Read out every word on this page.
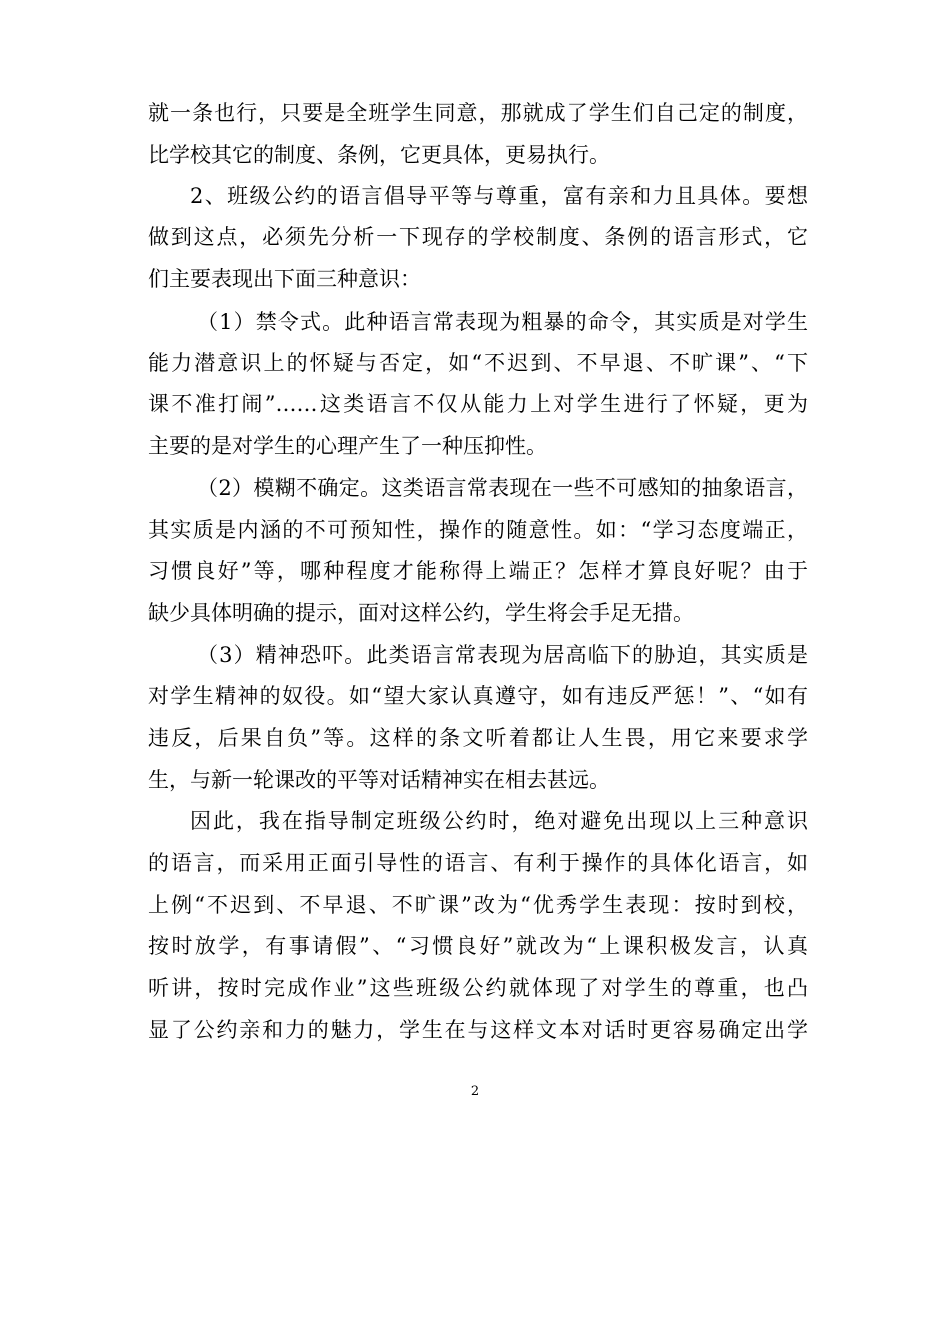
就一条也行，只要是全班学生同意，那就成了学生们自己定的制度，
比学校其它的制度、条例，它更具体，更易执行。
2、班级公约的语言倡导平等与尊重，富有亲和力且具体。要想
做到这点，必须先分析一下现存的学校制度、条例的语言形式，它
们主要表现出下面三种意识：
（1）禁令式。此种语言常表现为粗暴的命令，其实质是对学生
能力潜意识上的怀疑与否定，如“不迟到、不早退、不旷课”、“下
课不准打闹”……这类语言不仅从能力上对学生进行了怀疑，更为
主要的是对学生的心理产生了一种压抑性。
（2）模糊不确定。这类语言常表现在一些不可感知的抽象语言，
其实质是内涵的不可预知性，操作的随意性。如：“学习态度端正，
习惯良好”等，哪种程度才能称得上端正？怎样才算良好呢？由于
缺少具体明确的提示，面对这样公约，学生将会手足无措。
（3）精神恐吓。此类语言常表现为居高临下的胁迫，其实质是
对学生精神的奴役。如“望大家认真遵守，如有违反严惩！”、“如有
违反，后果自负”等。这样的条文听着都让人生畏，用它来要求学
生，与新一轮课改的平等对话精神实在相去甚远。
因此，我在指导制定班级公约时，绝对避免出现以上三种意识
的语言，而采用正面引导性的语言、有利于操作的具体化语言，如
上例“不迟到、不早退、不旷课”改为“优秀学生表现：按时到校，
按时放学，有事请假”、“习惯良好”就改为“上课积极发言，认真
听讲，按时完成作业”这些班级公约就体现了对学生的尊重，也凸
显了公约亲和力的魅力，学生在与这样文本对话时更容易确定出学
2
